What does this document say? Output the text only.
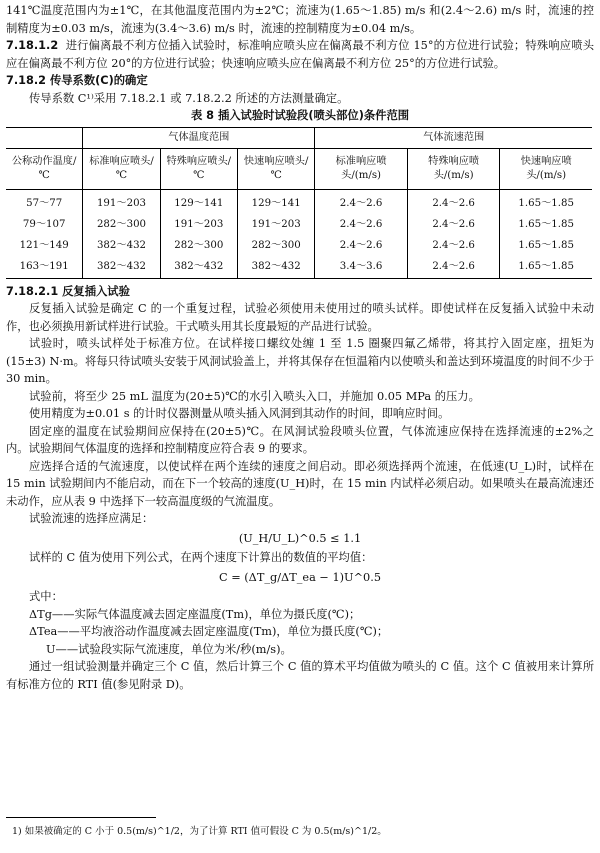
141℃温度范围内为±1℃，在其他温度范围内为±2℃；流速为(1.65～1.85) m/s 和(2.4～2.6) m/s 时，流速的控制精度为±0.03 m/s，流速为(3.4～3.6) m/s 时，流速的控制精度为±0.04 m/s。

7.18.1.2 进行偏离最不利方位插入试验时，标准响应喷头应在偏离最不利方位 15°的方位进行试验；特殊响应喷头应在偏离最不利方位 20°的方位进行试验；快速响应喷头应在偏离最不利方位 25°的方位进行试验。

7.18.2 传导系数(C)的确定

传导系数 C¹⁾采用 7.18.2.1 或 7.18.2.2 所述的方法测量确定。

表 8 插入试验时试验段(喷头部位)条件范围

	气体温度范围			气体流速范围		
公称动作温度/℃	标准响应喷头/℃	特殊响应喷头/℃	快速响应喷头/℃	标准响应喷头/(m/s)	特殊响应喷头/(m/s)	快速响应喷头/(m/s)
57～77	191～203	129～141	129～141	2.4～2.6	2.4～2.6	1.65～1.85
79～107	282～300	191～203	191～203	2.4～2.6	2.4～2.6	1.65～1.85
121～149	382～432	282～300	282～300	2.4～2.6	2.4～2.6	1.65～1.85
163～191	382～432	382～432	382～432	3.4～3.6	2.4～2.6	1.65～1.85

7.18.2.1 反复插入试验

反复插入试验是确定 C 的一个重复过程，试验必须使用未使用过的喷头试样。即使试样在反复插入试验中未动作，也必须换用新试样进行试验。干式喷头用其长度最短的产品进行试验。

试验时，喷头试样处于标准方位。在试样接口螺纹处缠 1 至 1.5 圈聚四氟乙烯带，将其拧入固定座，扭矩为(15±3) N·m。将每只待试喷头安装于风洞试验盖上，并将其保存在恒温箱内以使喷头和盖达到环境温度的时间不少于 30 min。

试验前，将至少 25 mL 温度为(20±5)℃的水引入喷头入口，并施加 0.05 MPa 的压力。

使用精度为±0.01 s 的计时仪器测量从喷头插入风洞到其动作的时间，即响应时间。

固定座的温度在试验期间应保持在(20±5)℃。在风洞试验段喷头位置，气体流速应保持在选择流速的±2%之内。试验期间气体温度的选择和控制精度应符合表 9 的要求。

应选择合适的气流速度，以使试样在两个连续的速度之间启动。即必须选择两个流速，在低速(U_L)时，试样在 15 min 试验期间内不能启动，而在下一个较高的速度(U_H)时，在 15 min 内试样必须启动。如果喷头在最高流速还未动作，应从表 9 中选择下一较高温度级的气流温度。

试验流速的选择应满足：

(U_H/U_L)^0.5 ≤ 1.1

试样的 C 值为使用下列公式，在两个速度下计算出的数值的平均值：

C = (ΔT_g/ΔT_ea − 1)U^0.5

式中：

ΔTg——实际气体温度减去固定座温度(Tm)，单位为摄氏度(℃)；

ΔTea——平均液浴动作温度减去固定座温度(Tm)，单位为摄氏度(℃)；

U——试验段实际气流速度，单位为米/秒(m/s)。

通过一组试验测量并确定三个 C 值，然后计算三个 C 值的算术平均值做为喷头的 C 值。这个 C 值被用来计算所有标准方位的 RTI 值(参见附录 D)。

1) 如果被确定的 C 小于 0.5(m/s)^1/2，为了计算 RTI 值可假设 C 为 0.5(m/s)^1/2。
